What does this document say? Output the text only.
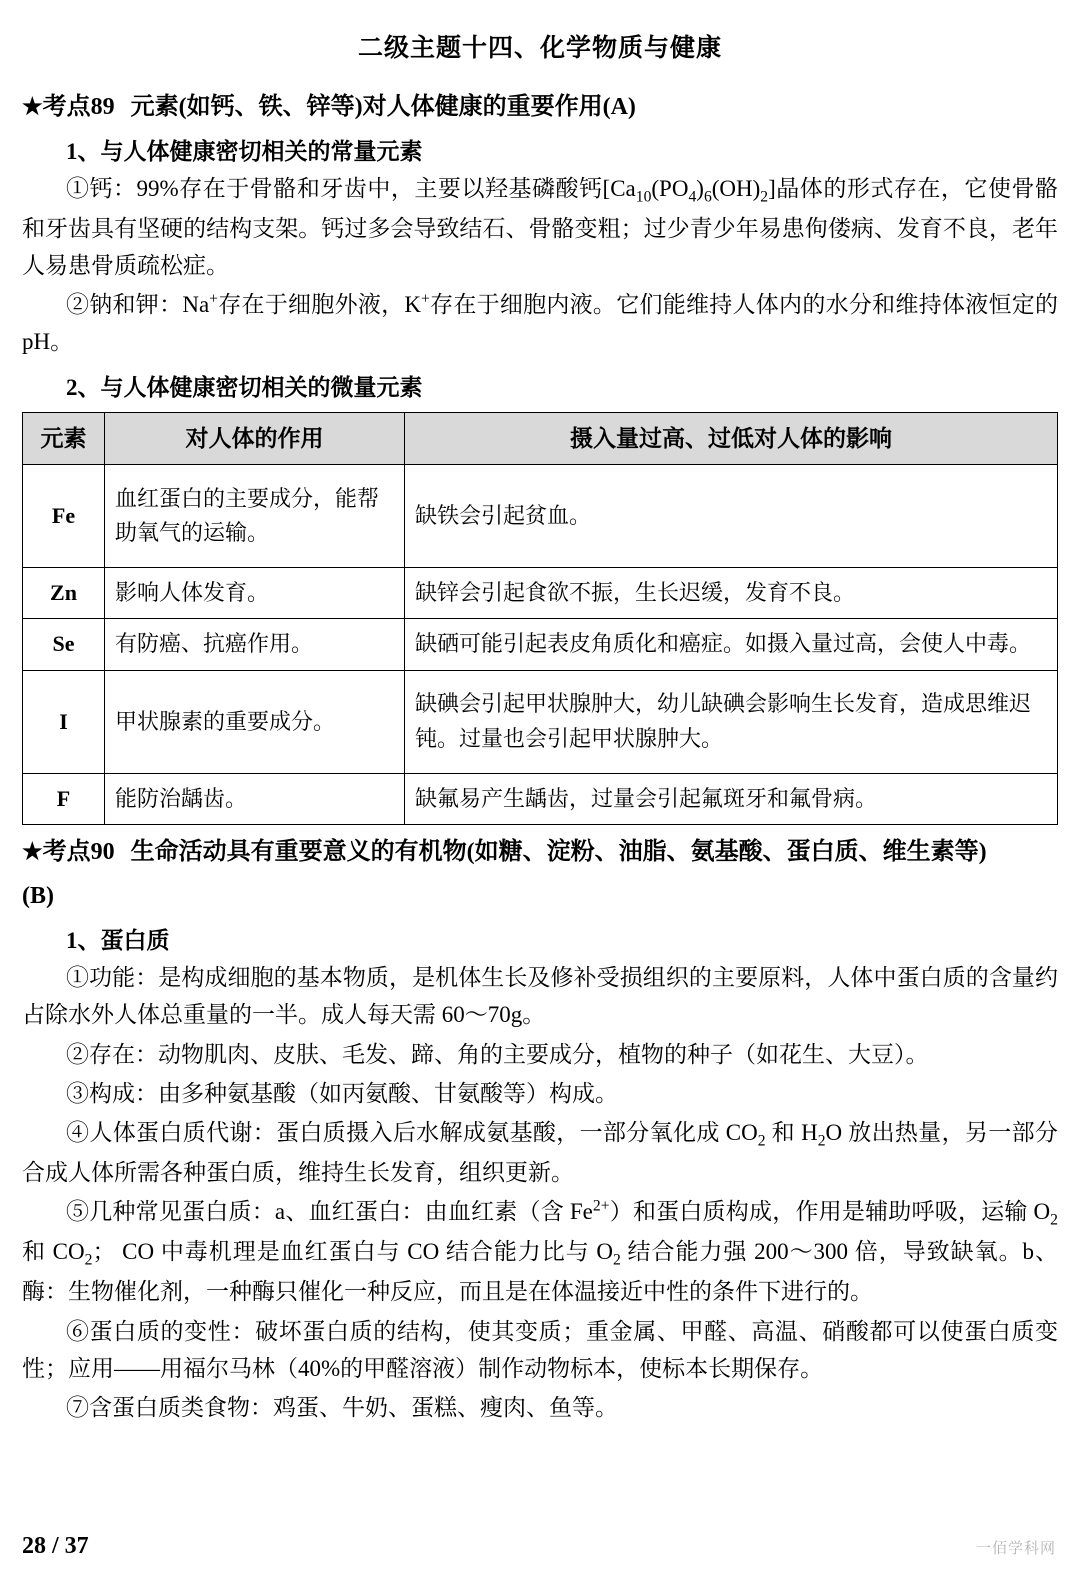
二级主题十四、化学物质与健康
★考点89 元素(如钙、铁、锌等)对人体健康的重要作用(A)
1、与人体健康密切相关的常量元素

①钙：99%存在于骨骼和牙齿中，主要以羟基磷酸钙$[Ca_{10}(PO_4)_6(OH)_2]$晶体的形式存在，它使骨骼和牙齿具有坚硬的结构支架。钙过多会导致结石、骨骼变粗；过少青少年易患佝偻病、发育不良，老年人易患骨质疏松症。

②钠和钾：Na+存在于细胞外液，K+存在于细胞内液。它们能维持人体内的水分和维持体液恒定的 pH。

2、与人体健康密切相关的微量元素
元素	对人体的作用	摄入量过高、过低对人体的影响
Fe	血红蛋白的主要成分，能帮助氧气的运输。	缺铁会引起贫血。
Zn	影响人体发育。	缺锌会引起食欲不振，生长迟缓，发育不良。
Se	有防癌、抗癌作用。	缺硒可能引起表皮角质化和癌症。如摄入量过高，会使人中毒。
I	甲状腺素的重要成分。	缺碘会引起甲状腺肿大，幼儿缺碘会影响生长发育，造成思维迟钝。过量也会引起甲状腺肿大。
F	能防治龋齿。	缺氟易产生龋齿，过量会引起氟斑牙和氟骨病。
★考点90 生命活动具有重要意义的有机物(如糖、淀粉、油脂、氨基酸、蛋白质、维生素等)
(B)
1、蛋白质

①功能：是构成细胞的基本物质，是机体生长及修补受损组织的主要原料，人体中蛋白质的含量约占除水外人体总重量的一半。成人每天需 60～70g。

②存在：动物肌肉、皮肤、毛发、蹄、角的主要成分，植物的种子（如花生、大豆）。

③构成：由多种氨基酸（如丙氨酸、甘氨酸等）构成。

④人体蛋白质代谢：蛋白质摄入后水解成氨基酸，一部分氧化成 $CO_2$ 和 $H_2O$ 放出热量，另一部分合成人体所需各种蛋白质，维持生长发育，组织更新。

⑤几种常见蛋白质：a、血红蛋白：由血红素（含 $Fe^{2+}$）和蛋白质构成，作用是辅助呼吸，运输 $O_2$ 和 $CO_2$； CO 中毒机理是血红蛋白与 CO 结合能力比与 $O_2$ 结合能力强 200～300 倍，导致缺氧。b、酶：生物催化剂，一种酶只催化一种反应，而且是在体温接近中性的条件下进行的。

⑥蛋白质的变性：破坏蛋白质的结构，使其变质；重金属、甲醛、高温、硝酸都可以使蛋白质变性；应用——用福尔马林（40%的甲醛溶液）制作动物标本，使标本长期保存。

⑦含蛋白质类食物：鸡蛋、牛奶、蛋糕、瘦肉、鱼等。

28 / 37	一佰学科网
